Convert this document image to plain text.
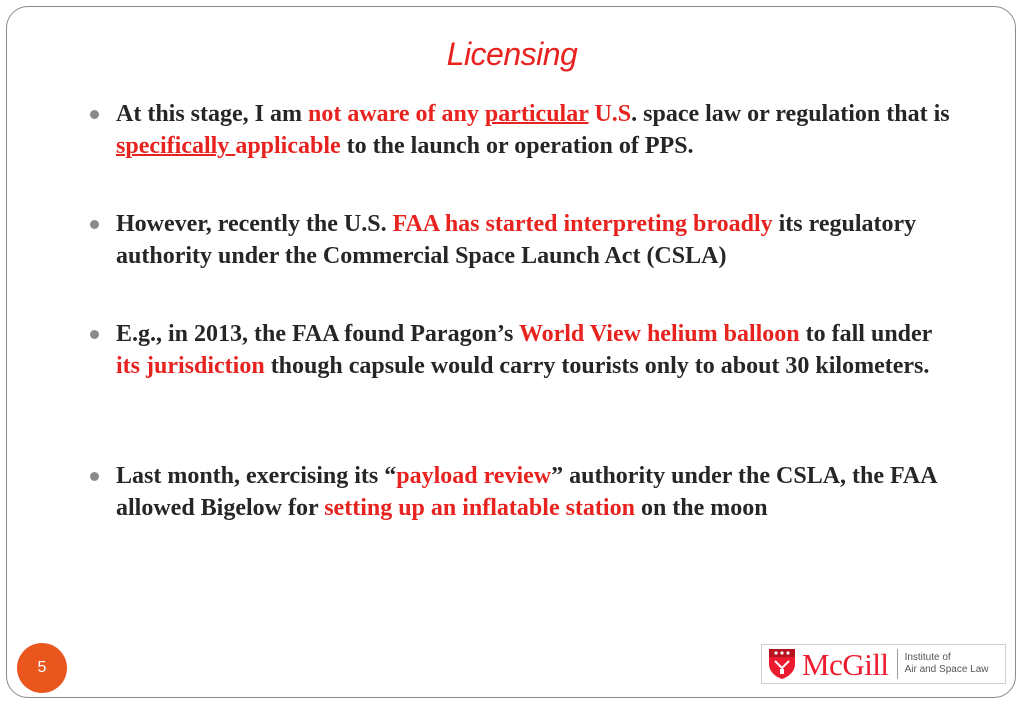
Licensing

At this stage, I am not aware of any particular U.S. space law or regulation that is specifically applicable to the launch or operation of PPS.

However, recently the U.S. FAA has started interpreting broadly its regulatory authority under the Commercial Space Launch Act (CSLA)

E.g., in 2013, the FAA found Paragon’s World View helium balloon to fall under its jurisdiction though capsule would carry tourists only to about 30 kilometers.

Last month, exercising its “payload review” authority under the CSLA, the FAA allowed Bigelow for setting up an inflatable station on the moon

5	McGill Institute of
Air and Space Law
